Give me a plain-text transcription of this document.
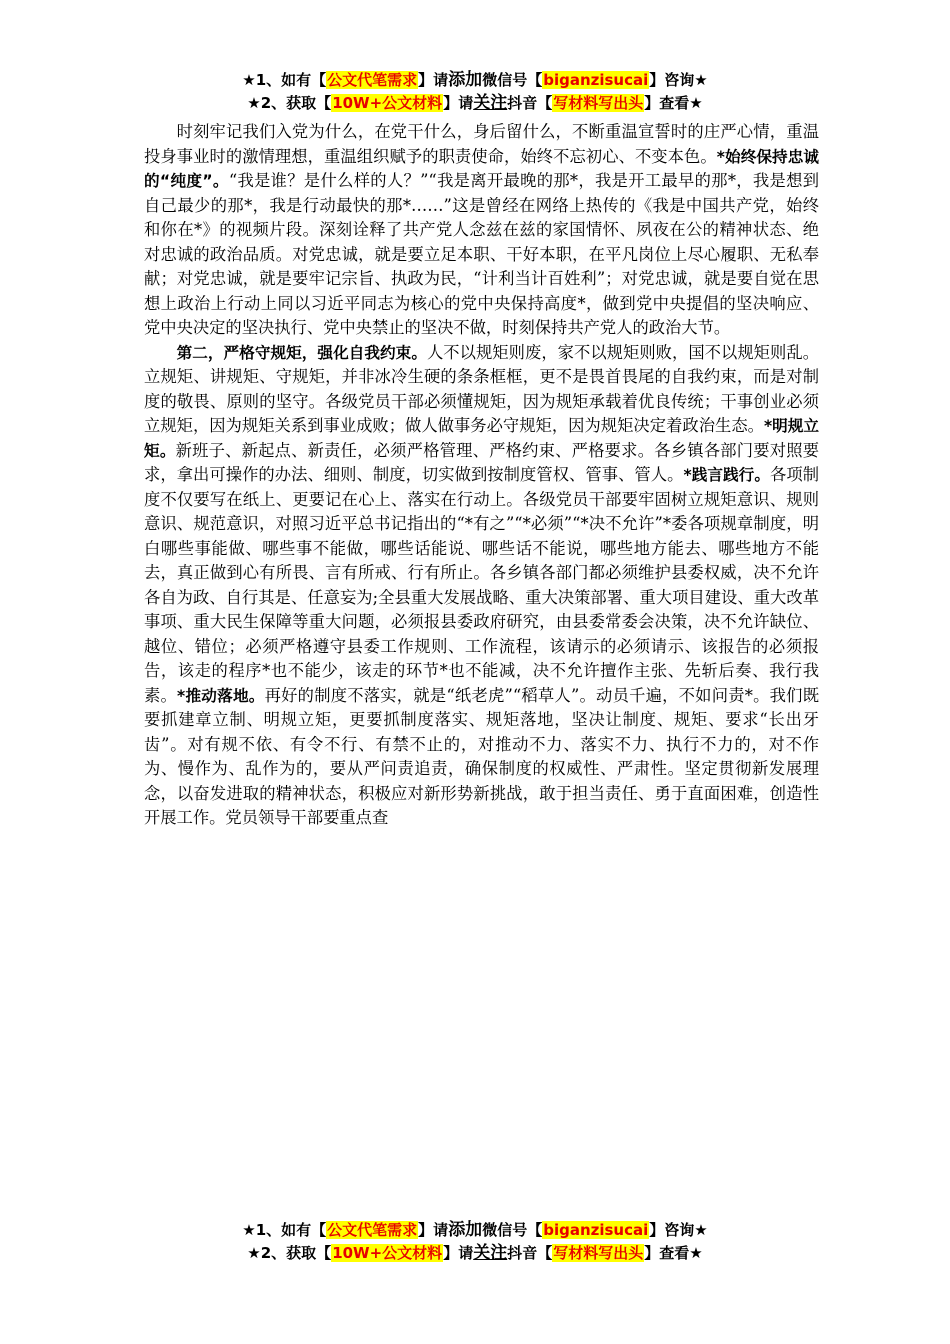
★1、如有【公文代笔需求】请添加微信号【biganzisucai】咨询★
★2、获取【10W+公文材料】请关注抖音【写材料写出头】查看★

时刻牢记我们入党为什么，在党干什么，身后留什么，不断重温宣誓时的庄严心情，重温投身事业时的激情理想，重温组织赋予的职责使命，始终不忘初心、不变本色。*始终保持忠诚的“纯度”。“我是谁？是什么样的人？”“我是离开最晚的那*，我是开工最早的那*，我是想到自己最少的那*，我是行动最快的那*……”这是曾经在网络上热传的《我是中国共产党，始终和你在*》的视频片段。深刻诠释了共产党人念兹在兹的家国情怀、夙夜在公的精神状态、绝对忠诚的政治品质。对党忠诚，就是要立足本职、干好本职，在平凡岗位上尽心履职、无私奉献；对党忠诚，就是要牢记宗旨、执政为民，“计利当计百姓利”；对党忠诚，就是要自觉在思想上政治上行动上同以习近平同志为核心的党中央保持高度*，做到党中央提倡的坚决响应、党中央决定的坚决执行、党中央禁止的坚决不做，时刻保持共产党人的政治大节。

第二，严格守规矩，强化自我约束。人不以规矩则废，家不以规矩则败，国不以规矩则乱。立规矩、讲规矩、守规矩，并非冰冷生硬的条条框框，更不是畏首畏尾的自我约束，而是对制度的敬畏、原则的坚守。各级党员干部必须懂规矩，因为规矩承载着优良传统；干事创业必须立规矩，因为规矩关系到事业成败；做人做事务必守规矩，因为规矩决定着政治生态。*明规立矩。新班子、新起点、新责任，必须严格管理、严格约束、严格要求。各乡镇各部门要对照要求，拿出可操作的办法、细则、制度，切实做到按制度管权、管事、管人。*践言践行。各项制度不仅要写在纸上、更要记在心上、落实在行动上。各级党员干部要牢固树立规矩意识、规则意识、规范意识，对照习近平总书记指出的“*有之”“*必须”“*决不允许”*委各项规章制度，明白哪些事能做、哪些事不能做，哪些话能说、哪些话不能说，哪些地方能去、哪些地方不能去，真正做到心有所畏、言有所戒、行有所止。各乡镇各部门都必须维护县委权威，决不允许各自为政、自行其是、任意妄为;全县重大发展战略、重大决策部署、重大项目建设、重大改革事项、重大民生保障等重大问题，必须报县委政府研究，由县委常委会决策，决不允许缺位、越位、错位；必须严格遵守县委工作规则、工作流程，该请示的必须请示、该报告的必须报告，该走的程序*也不能少，该走的环节*也不能减，决不允许擅作主张、先斩后奏、我行我素。*推动落地。再好的制度不落实，就是“纸老虎”“稻草人”。动员千遍，不如问责*。我们既要抓建章立制、明规立矩，更要抓制度落实、规矩落地，坚决让制度、规矩、要求“长出牙齿”。对有规不依、有令不行、有禁不止的，对推动不力、落实不力、执行不力的，对不作为、慢作为、乱作为的，要从严问责追责，确保制度的权威性、严肃性。坚定贯彻新发展理念，以奋发进取的精神状态，积极应对新形势新挑战，敢于担当责任、勇于直面困难，创造性开展工作。党员领导干部要重点查

★1、如有【公文代笔需求】请添加微信号【biganzisucai】咨询★
★2、获取【10W+公文材料】请关注抖音【写材料写出头】查看★
